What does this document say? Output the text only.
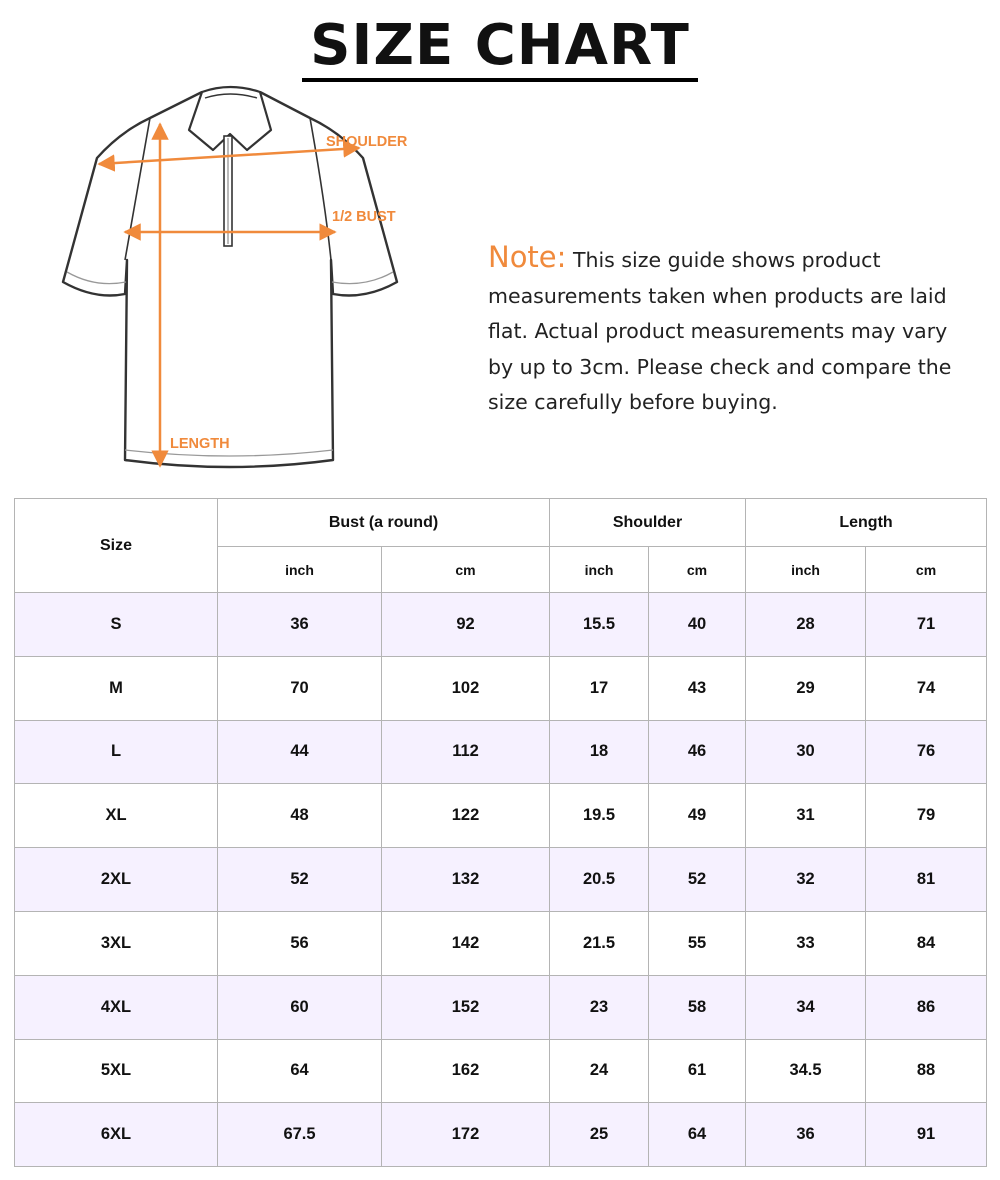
SIZE CHART
SHOULDER
1/2 BUST
LENGTH
Note: This size guide shows product measurements taken when products are laid flat. Actual product measurements may vary by up to 3cm. Please check and compare the size carefully before buying.
Size	Bust (a round)		Shoulder		Length	
	inch	cm	inch	cm	inch	cm
S	36	92	15.5	40	28	71
M	70	102	17	43	29	74
L	44	112	18	46	30	76
XL	48	122	19.5	49	31	79
2XL	52	132	20.5	52	32	81
3XL	56	142	21.5	55	33	84
4XL	60	152	23	58	34	86
5XL	64	162	24	61	34.5	88
6XL	67.5	172	25	64	36	91
